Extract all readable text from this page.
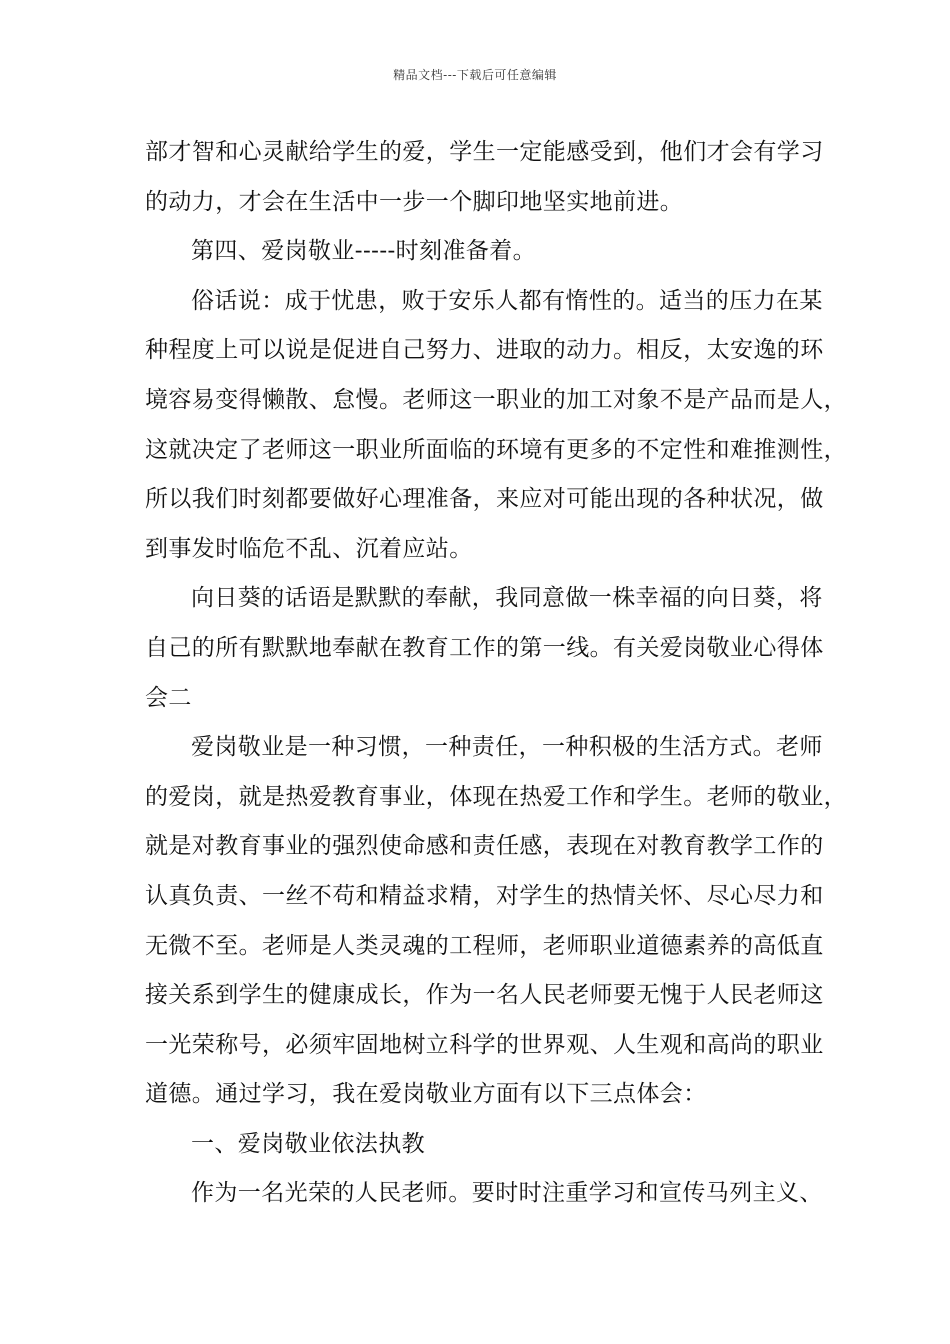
精品文档---下载后可任意编辑
部才智和心灵献给学生的爱，学生一定能感受到，他们才会有学习
的动力，才会在生活中一步一个脚印地坚实地前进。
第四、爱岗敬业-----时刻准备着。
俗话说：成于忧患，败于安乐人都有惰性的。适当的压力在某
种程度上可以说是促进自己努力、进取的动力。相反，太安逸的环
境容易变得懒散、怠慢。老师这一职业的加工对象不是产品而是人，
这就决定了老师这一职业所面临的环境有更多的不定性和难推测性，
所以我们时刻都要做好心理准备，来应对可能出现的各种状况，做
到事发时临危不乱、沉着应站。
向日葵的话语是默默的奉献，我同意做一株幸福的向日葵，将
自己的所有默默地奉献在教育工作的第一线。有关爱岗敬业心得体
会二
爱岗敬业是一种习惯，一种责任，一种积极的生活方式。老师
的爱岗，就是热爱教育事业，体现在热爱工作和学生。老师的敬业，
就是对教育事业的强烈使命感和责任感，表现在对教育教学工作的
认真负责、一丝不苟和精益求精，对学生的热情关怀、尽心尽力和
无微不至。老师是人类灵魂的工程师，老师职业道德素养的高低直
接关系到学生的健康成长，作为一名人民老师要无愧于人民老师这
一光荣称号，必须牢固地树立科学的世界观、人生观和高尚的职业
道德。通过学习，我在爱岗敬业方面有以下三点体会：
一、爱岗敬业依法执教
作为一名光荣的人民老师。要时时注重学习和宣传马列主义、
